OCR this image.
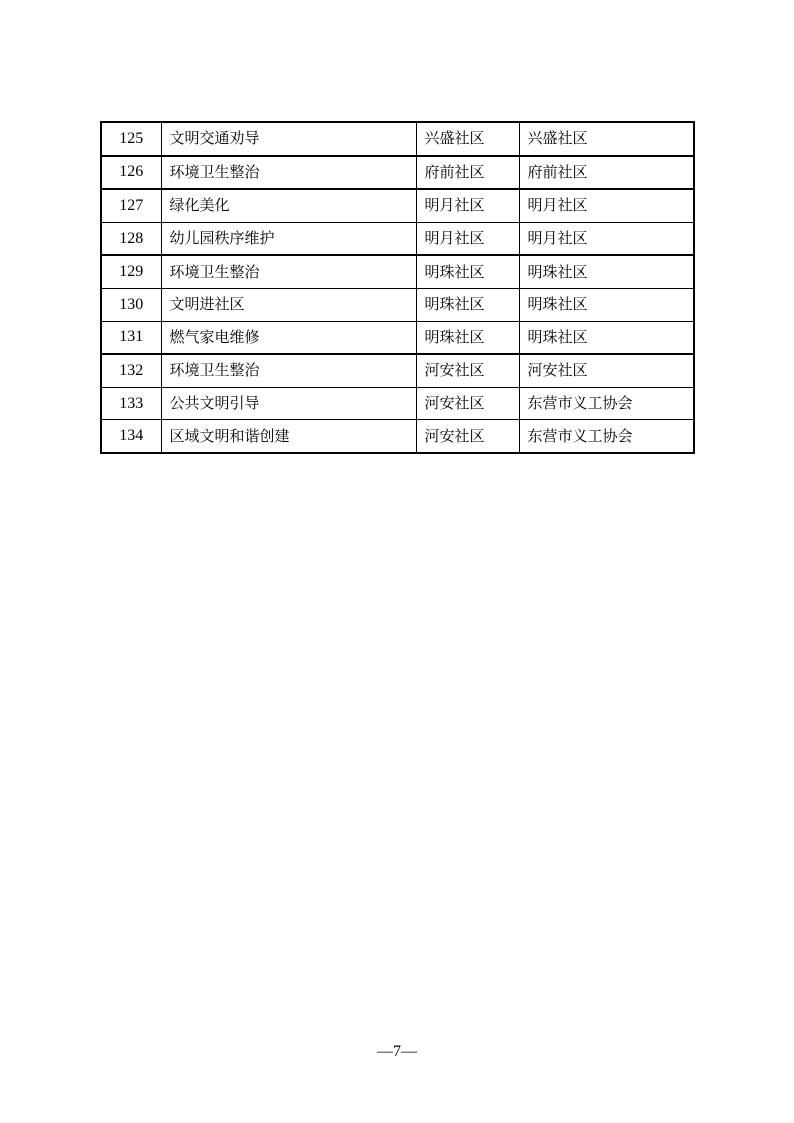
125	文明交通劝导	兴盛社区	兴盛社区
126	环境卫生整治	府前社区	府前社区
127	绿化美化	明月社区	明月社区
128	幼儿园秩序维护	明月社区	明月社区
129	环境卫生整治	明珠社区	明珠社区
130	文明进社区	明珠社区	明珠社区
131	燃气家电维修	明珠社区	明珠社区
132	环境卫生整治	河安社区	河安社区
133	公共文明引导	河安社区	东营市义工协会
134	区域文明和谐创建	河安社区	东营市义工协会
—7—
